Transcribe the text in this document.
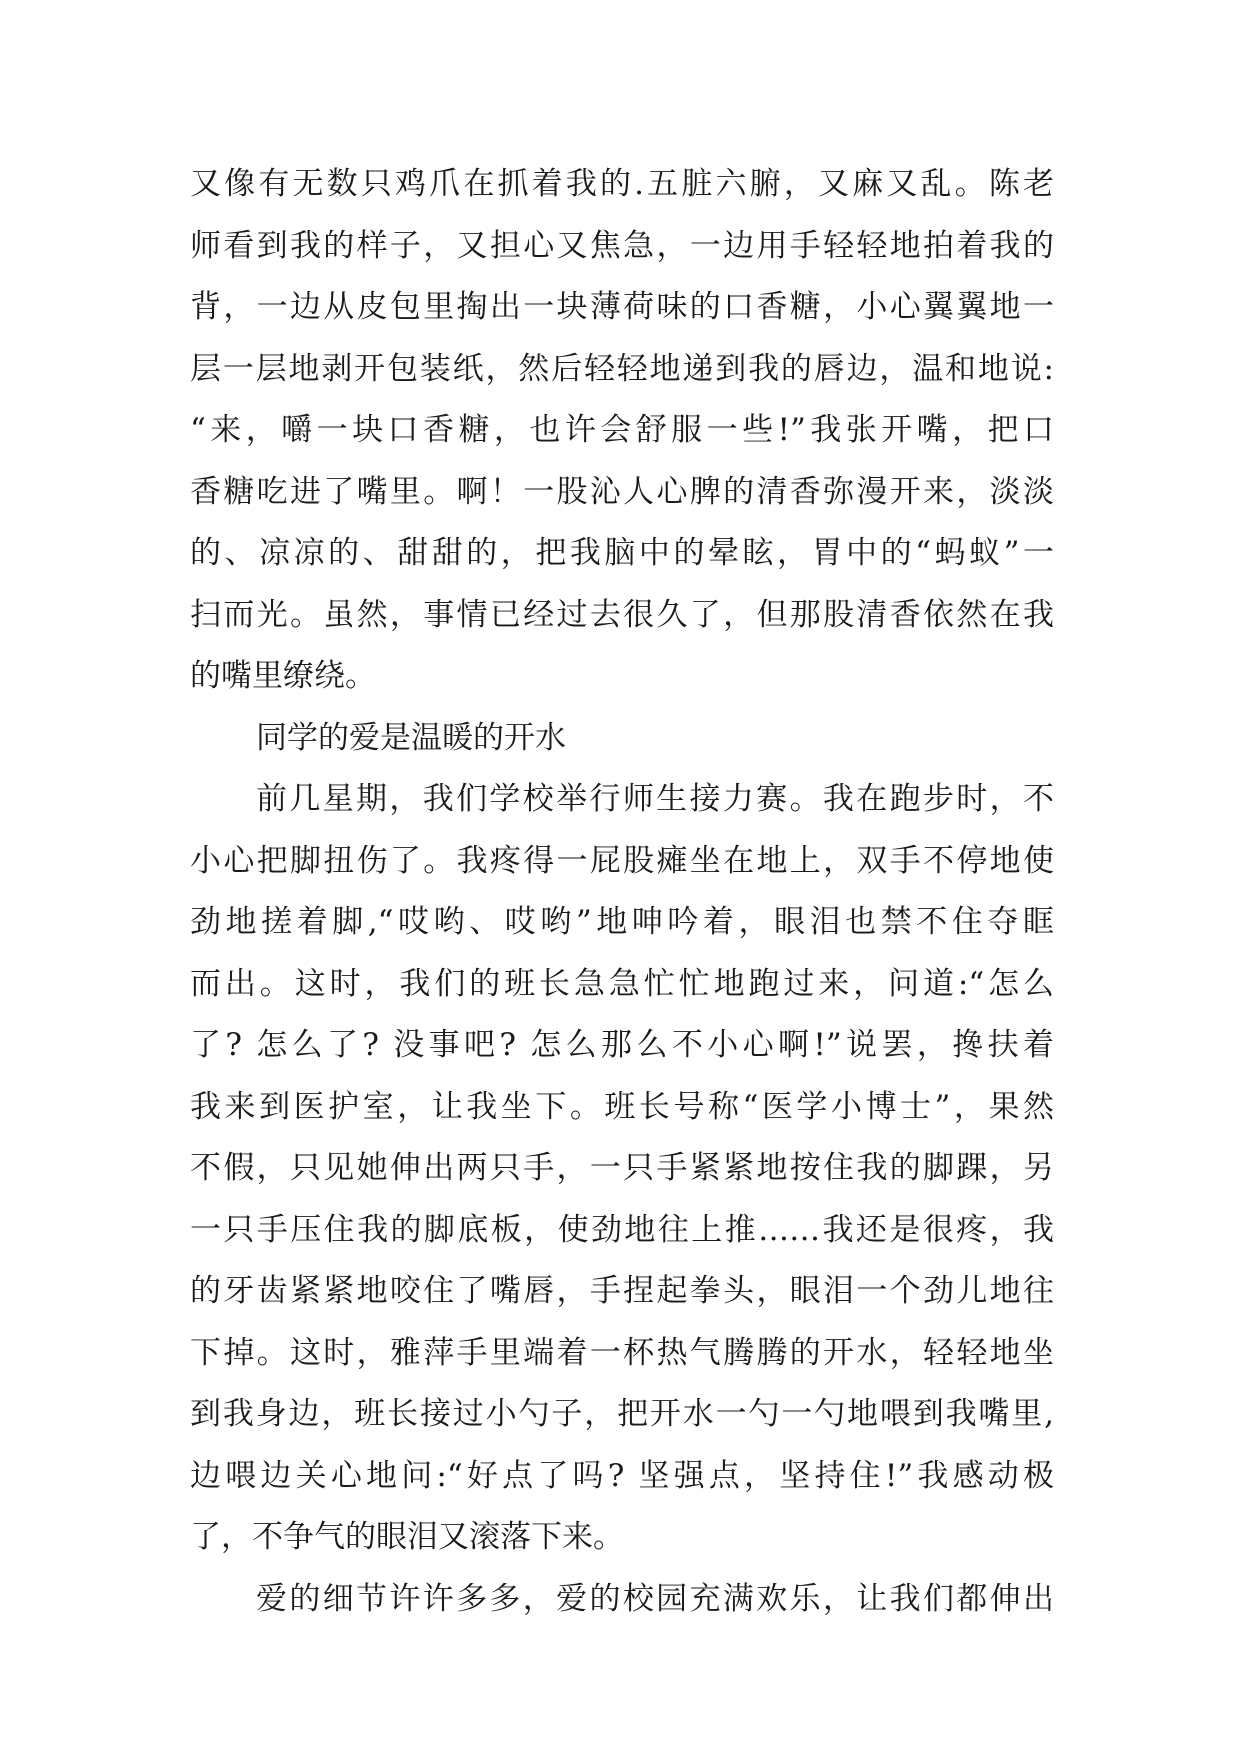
又像有无数只鸡爪在抓着我的.五脏六腑，又麻又乱。陈老
师看到我的样子，又担心又焦急，一边用手轻轻地拍着我的
背，一边从皮包里掏出一块薄荷味的口香糖，小心翼翼地一
层一层地剥开包装纸，然后轻轻地递到我的唇边，温和地说:
“来，嚼一块口香糖，也许会舒服一些!”我张开嘴，把口
香糖吃进了嘴里。啊！一股沁人心脾的清香弥漫开来，淡淡
的、凉凉的、甜甜的，把我脑中的晕眩，胃中的“蚂蚁”一
扫而光。虽然，事情已经过去很久了，但那股清香依然在我
的嘴里缭绕。
同学的爱是温暖的开水
前几星期，我们学校举行师生接力赛。我在跑步时，不
小心把脚扭伤了。我疼得一屁股瘫坐在地上，双手不停地使
劲地搓着脚,“哎哟、哎哟”地呻吟着，眼泪也禁不住夺眶
而出。这时，我们的班长急急忙忙地跑过来，问道:“怎么
了? 怎么了? 没事吧? 怎么那么不小心啊!”说罢，搀扶着
我来到医护室，让我坐下。班长号称“医学小博士”，果然
不假，只见她伸出两只手，一只手紧紧地按住我的脚踝，另
一只手压住我的脚底板，使劲地往上推……我还是很疼，我
的牙齿紧紧地咬住了嘴唇，手捏起拳头，眼泪一个劲儿地往
下掉。这时，雅萍手里端着一杯热气腾腾的开水，轻轻地坐
到我身边，班长接过小勺子，把开水一勺一勺地喂到我嘴里,
边喂边关心地问:“好点了吗? 坚强点，坚持住!”我感动极
了，不争气的眼泪又滚落下来。
爱的细节许许多多，爱的校园充满欢乐，让我们都伸出
